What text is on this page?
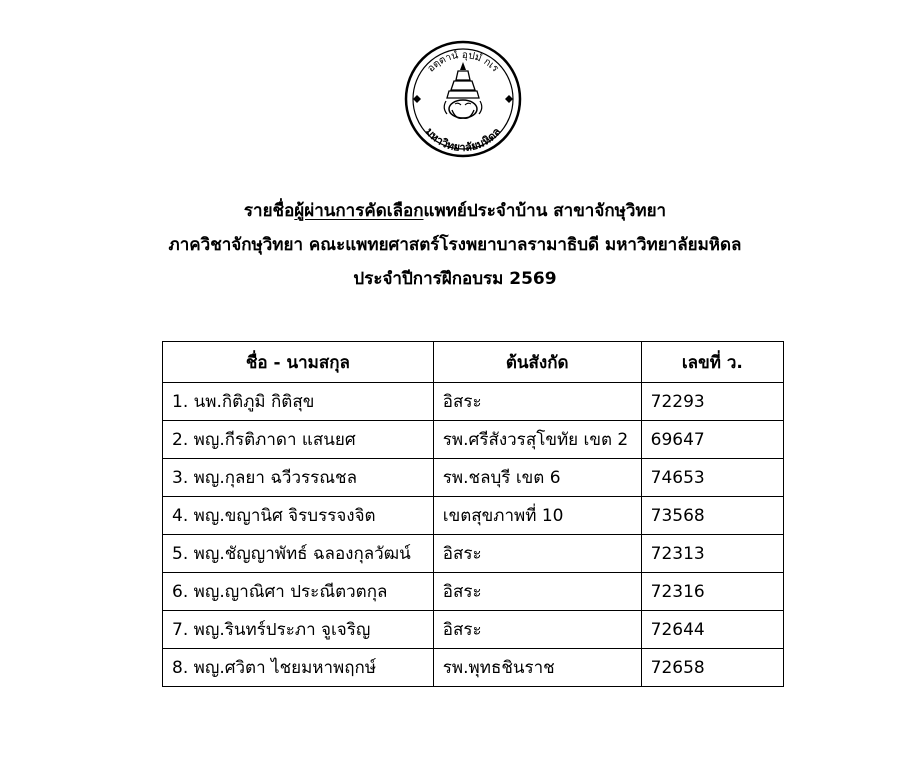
อตฺตานํ อุปมํ กเร
มหาวิทยาลัยมหิดล
รายชื่อผู้ผ่านการคัดเลือกแพทย์ประจำบ้าน สาขาจักษุวิทยา
ภาควิชาจักษุวิทยา คณะแพทยศาสตร์โรงพยาบาลรามาธิบดี มหาวิทยาลัยมหิดล
ประจำปีการฝึกอบรม 2569
ชื่อ - นามสกุล	ต้นสังกัด	เลขที่ ว.
1. นพ.กิติภูมิ กิติสุข	อิสระ	72293
2. พญ.กีรติภาดา แสนยศ	รพ.ศรีสังวรสุโขทัย เขต 2	69647
3. พญ.กุลยา ฉวีวรรณชล	รพ.ชลบุรี เขต 6	74653
4. พญ.ขญานิศ จิรบรรจงจิต	เขตสุขภาพที่ 10	73568
5. พญ.ชัญญาพัทธ์ ฉลองกุลวัฒน์	อิสระ	72313
6. พญ.ญาณิศา ประณีตวตกุล	อิสระ	72316
7. พญ.รินทร์ประภา จูเจริญ	อิสระ	72644
8. พญ.ศวิตา ไชยมหาพฤกษ์	รพ.พุทธชินราช	72658
